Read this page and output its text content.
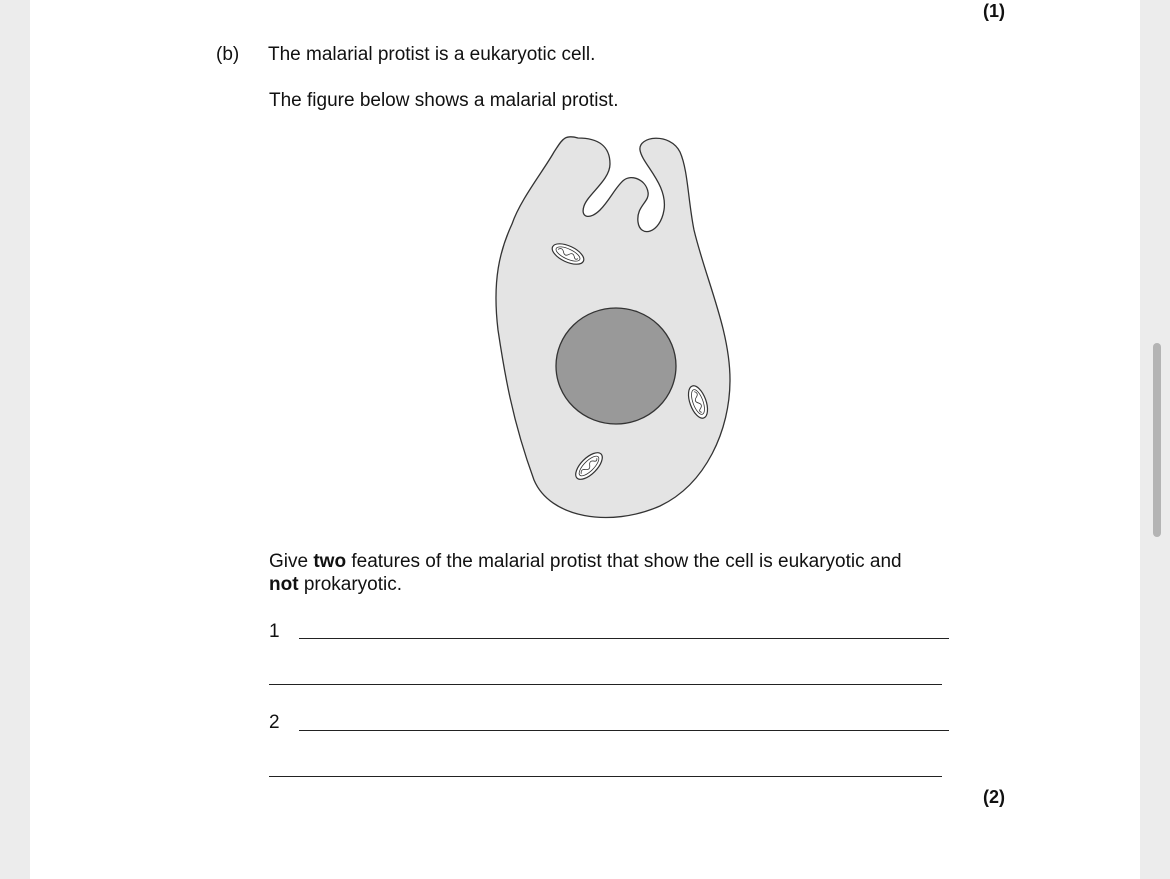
(1)
(b) The malarial protist is a eukaryotic cell.
The figure below shows a malarial protist.
Give two features of the malarial protist that show the cell is eukaryotic and
not prokaryotic.
1
2
(2)
